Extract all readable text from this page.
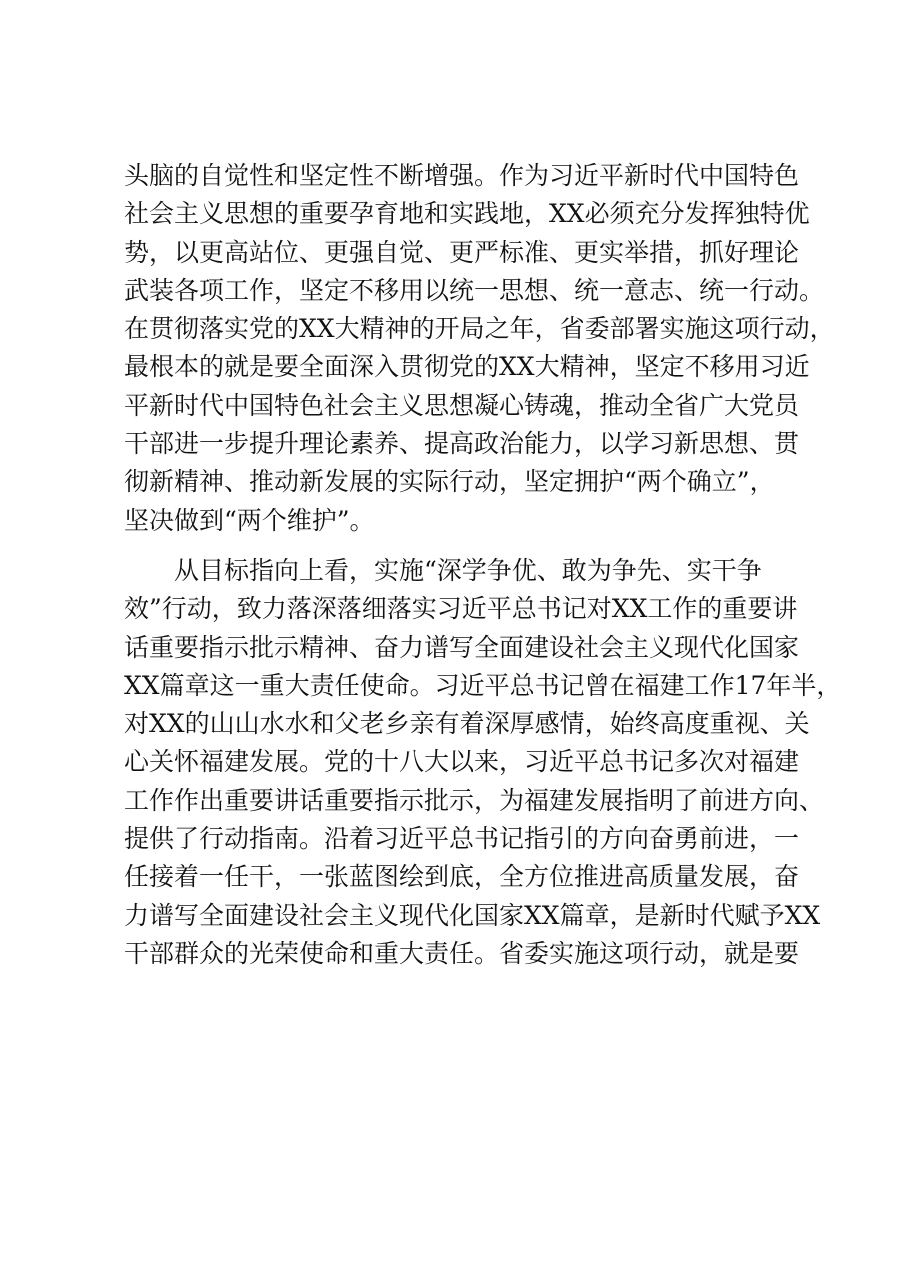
头脑的自觉性和坚定性不断增强。作为习近平新时代中国特色
社会主义思想的重要孕育地和实践地，XX必须充分发挥独特优
势，以更高站位、更强自觉、更严标准、更实举措，抓好理论
武装各项工作，坚定不移用以统一思想、统一意志、统一行动。
在贯彻落实党的XX大精神的开局之年，省委部署实施这项行动，
最根本的就是要全面深入贯彻党的XX大精神，坚定不移用习近
平新时代中国特色社会主义思想凝心铸魂，推动全省广大党员
干部进一步提升理论素养、提高政治能力，以学习新思想、贯
彻新精神、推动新发展的实际行动，坚定拥护“两个确立”，
坚决做到“两个维护”。
　　从目标指向上看，实施“深学争优、敢为争先、实干争
效”行动，致力落深落细落实习近平总书记对XX工作的重要讲
话重要指示批示精神、奋力谱写全面建设社会主义现代化国家
XX篇章这一重大责任使命。习近平总书记曾在福建工作17年半，
对XX的山山水水和父老乡亲有着深厚感情，始终高度重视、关
心关怀福建发展。党的十八大以来，习近平总书记多次对福建
工作作出重要讲话重要指示批示，为福建发展指明了前进方向、
提供了行动指南。沿着习近平总书记指引的方向奋勇前进，一
任接着一任干，一张蓝图绘到底，全方位推进高质量发展，奋
力谱写全面建设社会主义现代化国家XX篇章，是新时代赋予XX
干部群众的光荣使命和重大责任。省委实施这项行动，就是要
